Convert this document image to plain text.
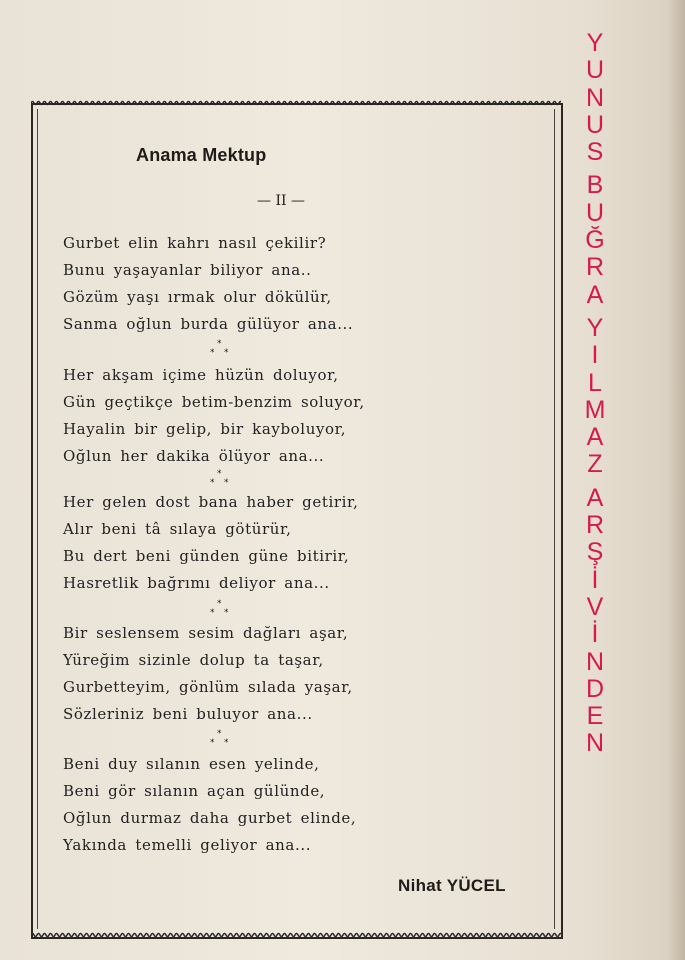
Anama Mektup
— II —
Gurbet elin kahrı nasıl çekilir?
Bunu yaşayanlar biliyor ana..
Gözüm yaşı ırmak olur dökülür,
Sanma oğlun burda gülüyor ana...
*
* *
Her akşam içime hüzün doluyor,
Gün geçtikçe betim-benzim soluyor,
Hayalin bir gelip, bir kayboluyor,
Oğlun her dakika ölüyor ana...
*
* *
Her gelen dost bana haber getirir,
Alır beni tâ sılaya götürür,
Bu dert beni günden güne bitirir,
Hasretlik bağrımı deliyor ana...
*
* *
Bir seslensem sesim dağları aşar,
Yüreğim sizinle dolup ta taşar,
Gurbetteyim, gönlüm sılada yaşar,
Sözleriniz beni buluyor ana...
*
* *
Beni duy sılanın esen yelinde,
Beni gör sılanın açan gülünde,
Oğlun durmaz daha gurbet elinde,
Yakında temelli geliyor ana...
Nihat YÜCEL
Y
U
N
U
S
B
U
Ğ
R
A
Y
I
L
M
A
Z
A
R
Ş
İ
V
İ
N
D
E
N
